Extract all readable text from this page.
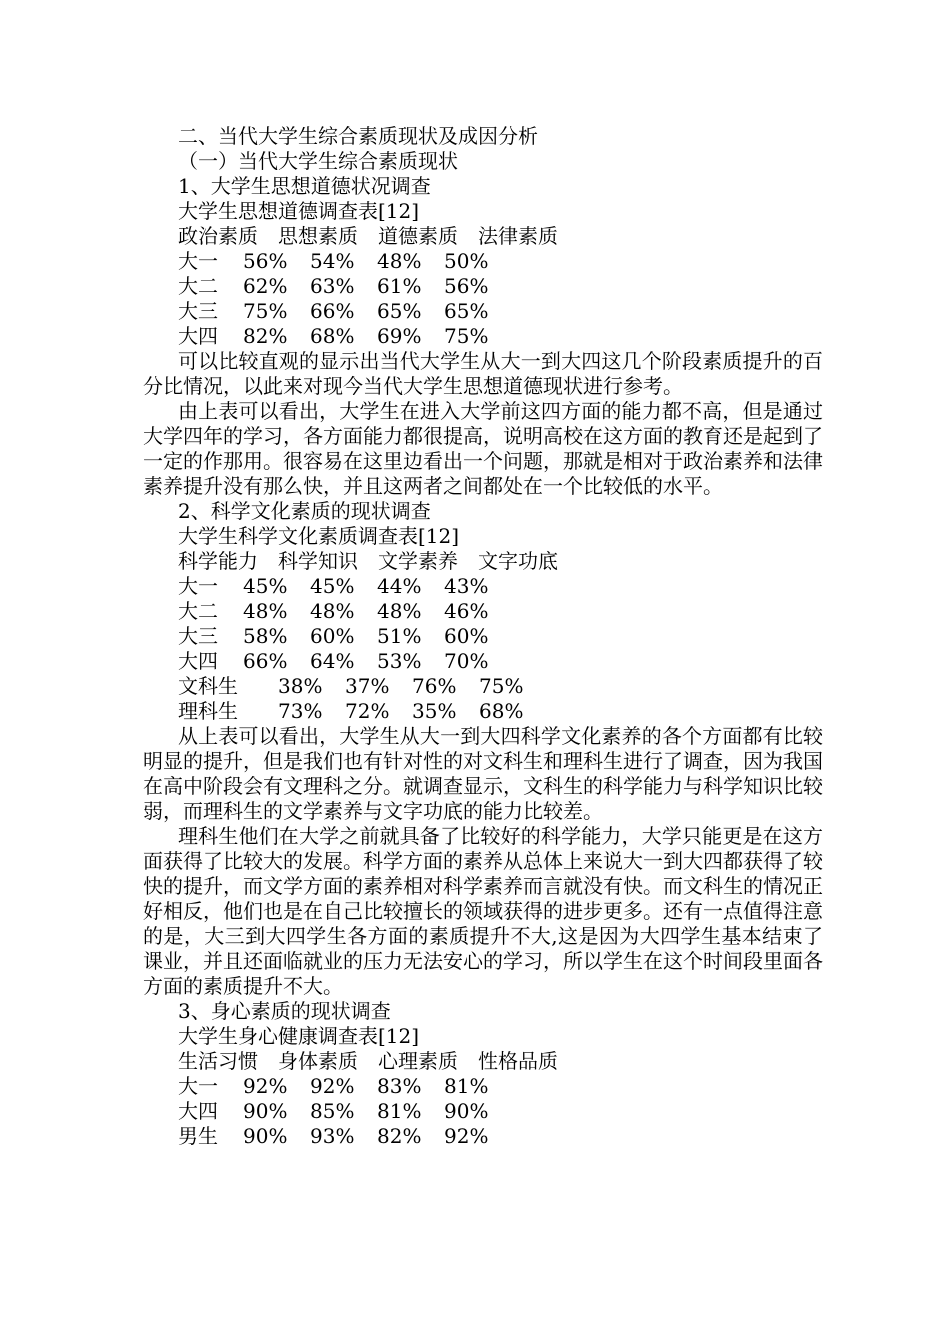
二、当代大学生综合素质现状及成因分析
（一）当代大学生综合素质现状
1、大学生思想道德状况调查
大学生思想道德调查表[12]
政治素质 思想素质 道德素质 法律素质
大一 56% 54% 48% 50%
大二 62% 63% 61% 56%
大三 75% 66% 65% 65%
大四 82% 68% 69% 75%
可以比较直观的显示出当代大学生从大一到大四这几个阶段素质提升的百分比情况，以此来对现今当代大学生思想道德现状进行参考。
由上表可以看出，大学生在进入大学前这四方面的能力都不高，但是通过大学四年的学习，各方面能力都很提高，说明高校在这方面的教育还是起到了一定的作那用。很容易在这里边看出一个问题，那就是相对于政治素养和法律素养提升没有那么快，并且这两者之间都处在一个比较低的水平。
2、科学文化素质的现状调查
大学生科学文化素质调查表[12]
科学能力 科学知识 文学素养 文字功底
大一 45% 45% 44% 43%
大二 48% 48% 48% 46%
大三 58% 60% 51% 60%
大四 66% 64% 53% 70%
文科生 38% 37% 76% 75%
理科生 73% 72% 35% 68%
从上表可以看出，大学生从大一到大四科学文化素养的各个方面都有比较明显的提升，但是我们也有针对性的对文科生和理科生进行了调查，因为我国在高中阶段会有文理科之分。就调查显示，文科生的科学能力与科学知识比较弱，而理科生的文学素养与文字功底的能力比较差。
理科生他们在大学之前就具备了比较好的科学能力，大学只能更是在这方面获得了比较大的发展。科学方面的素养从总体上来说大一到大四都获得了较快的提升，而文学方面的素养相对科学素养而言就没有快。而文科生的情况正好相反，他们也是在自己比较擅长的领域获得的进步更多。还有一点值得注意的是，大三到大四学生各方面的素质提升不大,这是因为大四学生基本结束了课业，并且还面临就业的压力无法安心的学习，所以学生在这个时间段里面各方面的素质提升不大。
3、身心素质的现状调查
大学生身心健康调查表[12]
生活习惯 身体素质 心理素质 性格品质
大一 92% 92% 83% 81%
大四 90% 85% 81% 90%
男生 90% 93% 82% 92%
